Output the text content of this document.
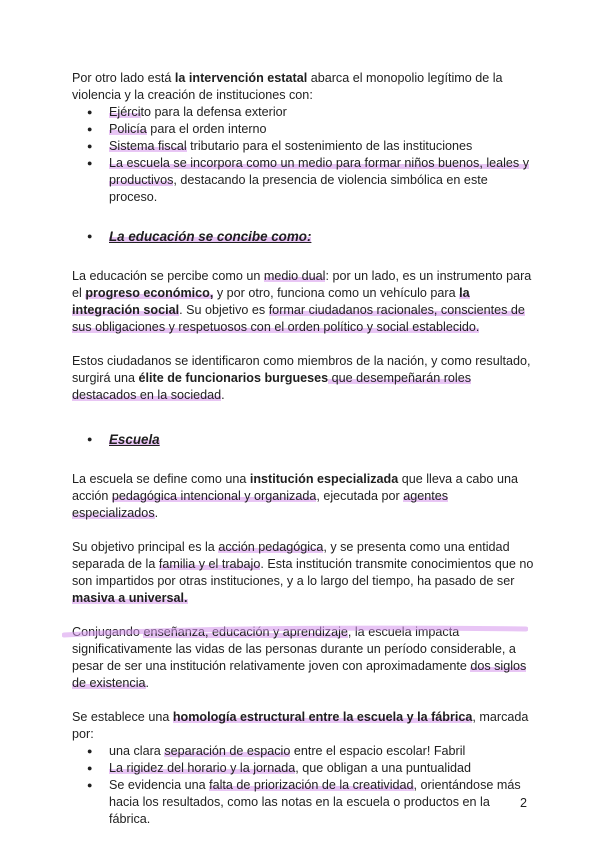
Por otro lado está la intervención estatal abarca el monopolio legítimo de la violencia y la creación de instituciones con:

● Ejército para la defensa exterior
● Policía para el orden interno
● Sistema fiscal tributario para el sostenimiento de las instituciones
● La escuela se incorpora como un medio para formar niños buenos, leales y productivos, destacando la presencia de violencia simbólica en este proceso.
● La educación se concibe como:

La educación se percibe como un medio dual: por un lado, es un instrumento para el progreso económico, y por otro, funciona como un vehículo para la integración social. Su objetivo es formar ciudadanos racionales, conscientes de sus obligaciones y respetuosos con el orden político y social establecido.

Estos ciudadanos se identificaron como miembros de la nación, y como resultado, surgirá una élite de funcionarios burgueses que desempeñarán roles destacados en la sociedad.

● Escuela

La escuela se define como una institución especializada que lleva a cabo una acción pedagógica intencional y organizada, ejecutada por agentes especializados.

Su objetivo principal es la acción pedagógica, y se presenta como una entidad separada de la familia y el trabajo. Esta institución transmite conocimientos que no son impartidos por otras instituciones, y a lo largo del tiempo, ha pasado de ser masiva a universal.

Conjugando enseñanza, educación y aprendizaje, la escuela impacta significativamente las vidas de las personas durante un período considerable, a pesar de ser una institución relativamente joven con aproximadamente dos siglos de existencia.

Se establece una homología estructural entre la escuela y la fábrica, marcada por:

● una clara separación de espacio entre el espacio escolar! Fabril
● La rigidez del horario y la jornada, que obligan a una puntualidad
● Se evidencia una falta de priorización de la creatividad, orientándose más hacia los resultados, como las notas en la escuela o productos en la fábrica.
2
